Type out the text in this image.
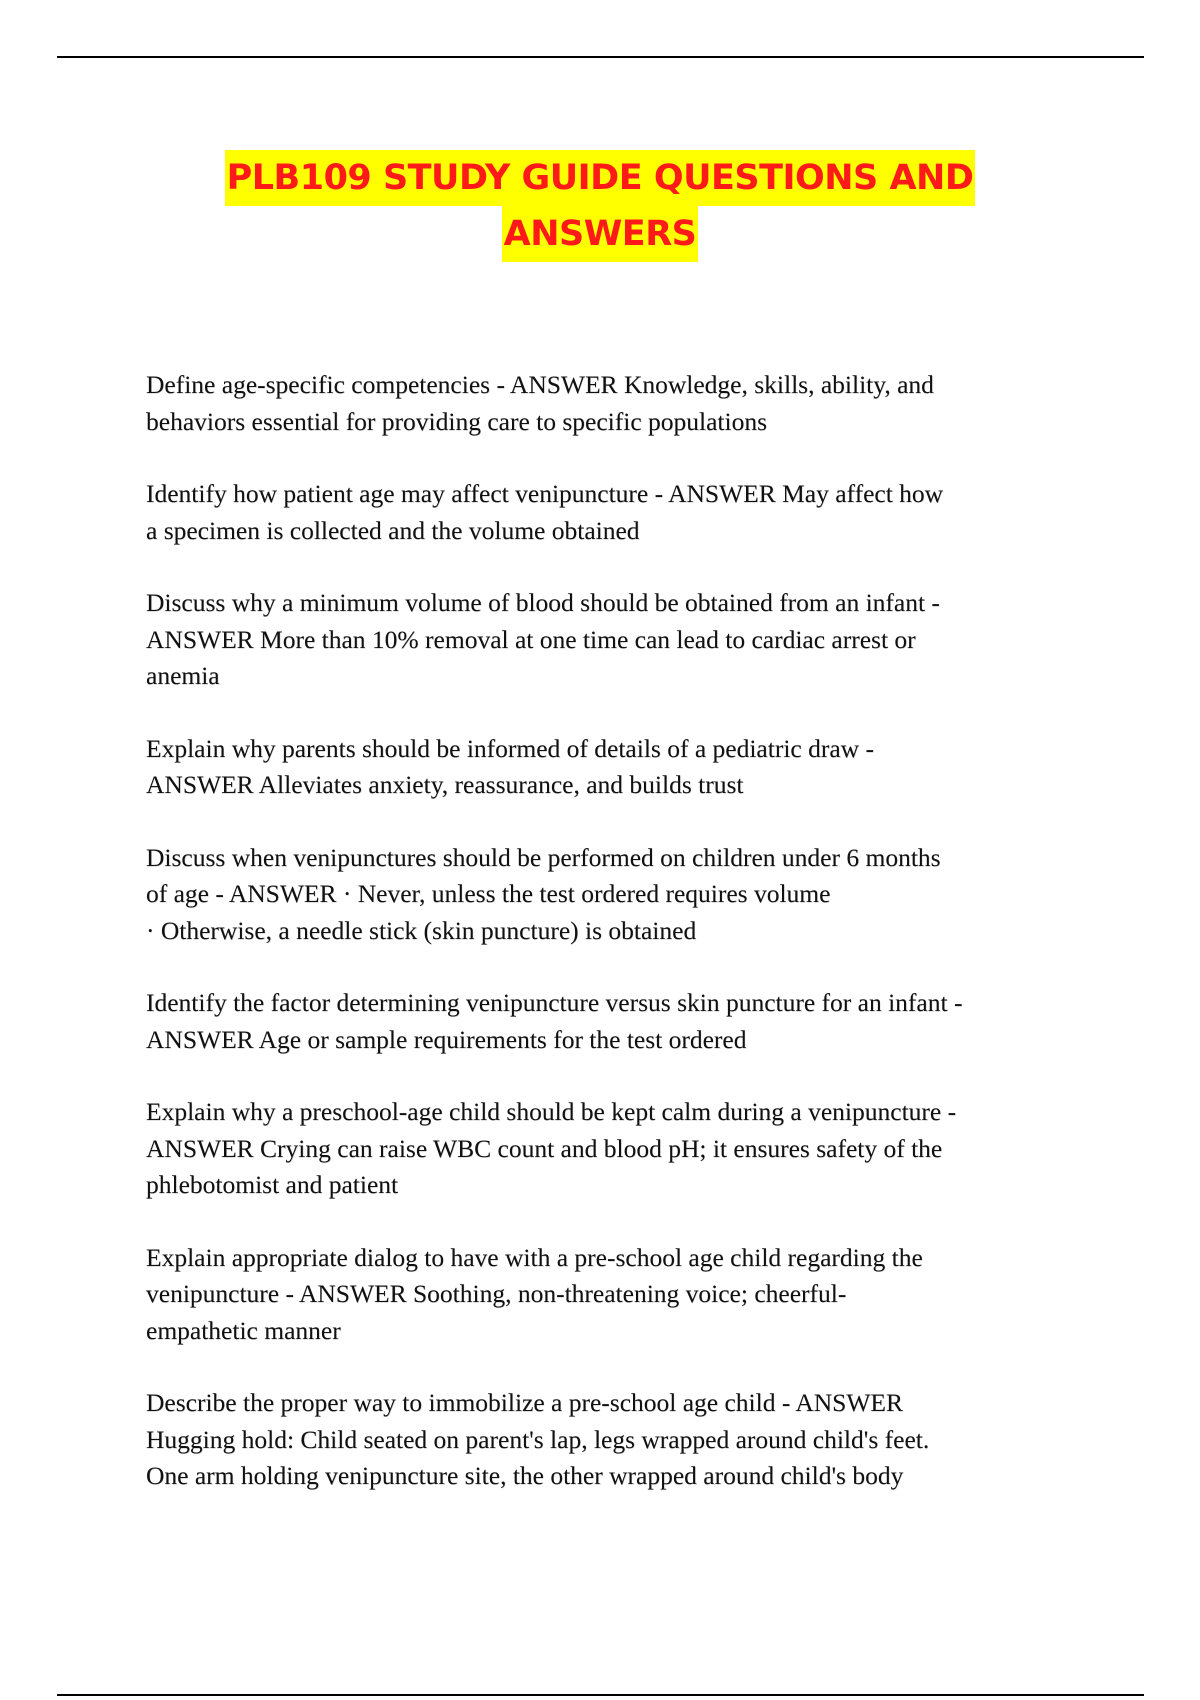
PLB109 STUDY GUIDE QUESTIONS AND
ANSWERS

Define age-specific competencies - ANSWER Knowledge, skills, ability, and
behaviors essential for providing care to specific populations

Identify how patient age may affect venipuncture - ANSWER May affect how
a specimen is collected and the volume obtained

Discuss why a minimum volume of blood should be obtained from an infant -
ANSWER More than 10% removal at one time can lead to cardiac arrest or
anemia

Explain why parents should be informed of details of a pediatric draw -
ANSWER Alleviates anxiety, reassurance, and builds trust

Discuss when venipunctures should be performed on children under 6 months
of age - ANSWER · Never, unless the test ordered requires volume
· Otherwise, a needle stick (skin puncture) is obtained

Identify the factor determining venipuncture versus skin puncture for an infant -
ANSWER Age or sample requirements for the test ordered

Explain why a preschool-age child should be kept calm during a venipuncture -
ANSWER Crying can raise WBC count and blood pH; it ensures safety of the
phlebotomist and patient

Explain appropriate dialog to have with a pre-school age child regarding the
venipuncture - ANSWER Soothing, non-threatening voice; cheerful-
empathetic manner

Describe the proper way to immobilize a pre-school age child - ANSWER
Hugging hold: Child seated on parent's lap, legs wrapped around child's feet.
One arm holding venipuncture site, the other wrapped around child's body
